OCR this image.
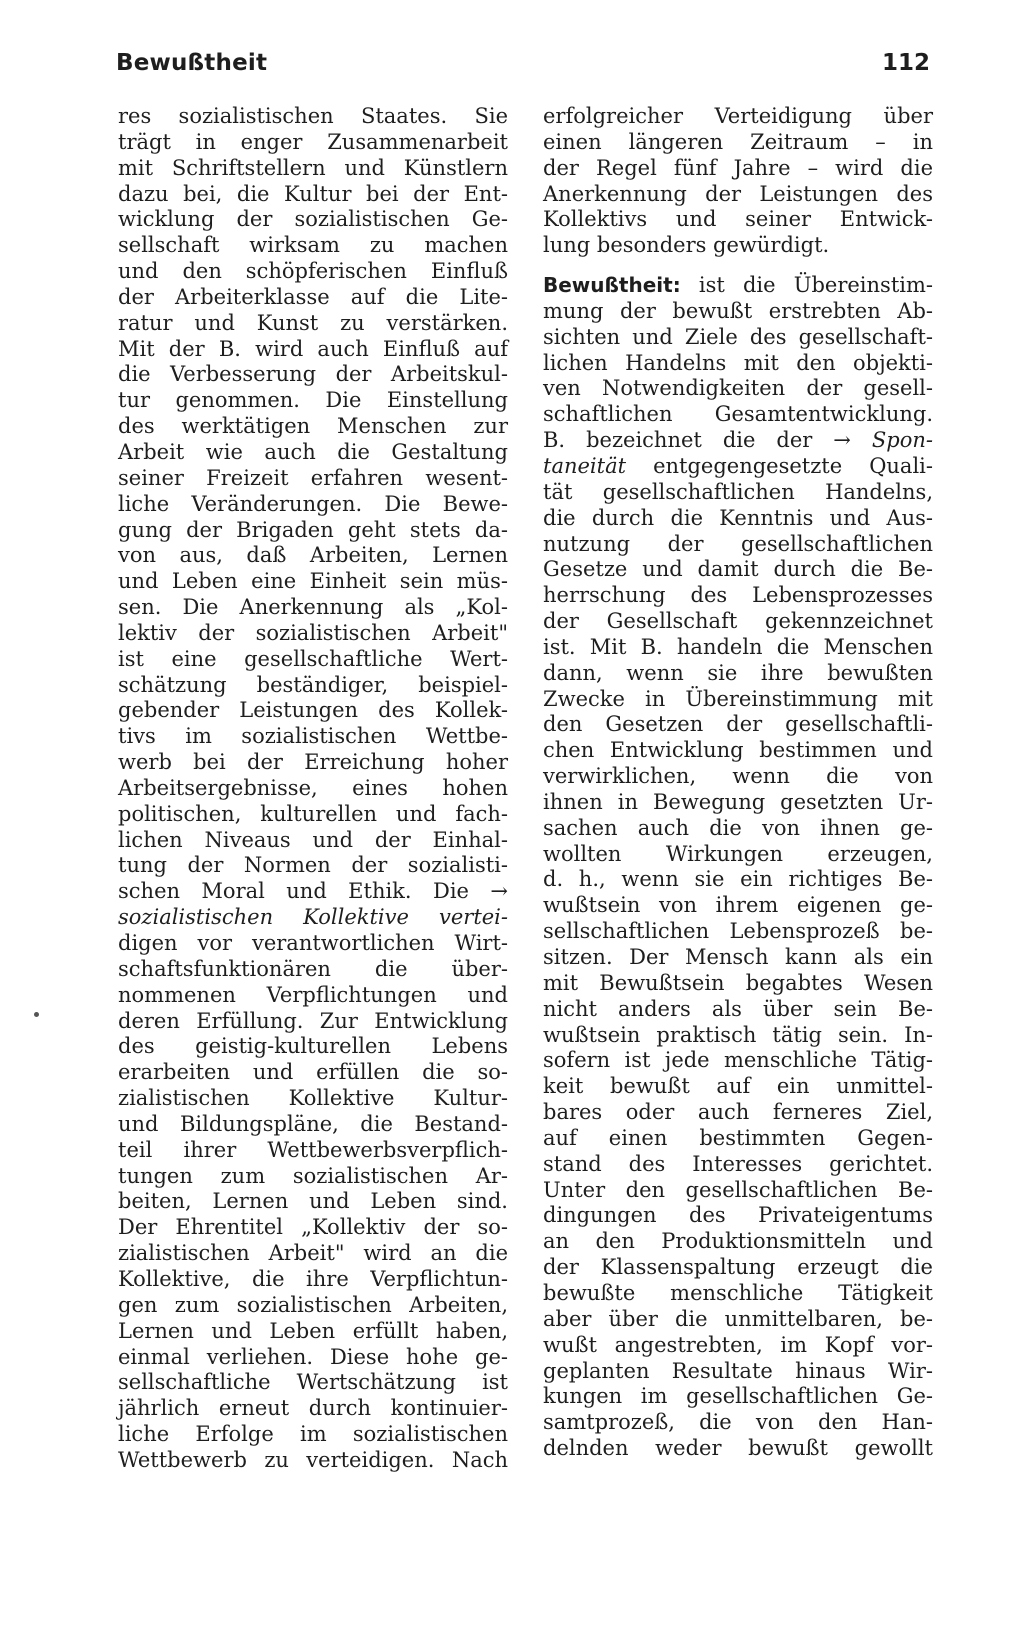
Bewußtheit	112
res sozialistischen Staates. Sie
trägt in enger Zusammenarbeit
mit Schriftstellern und Künstlern
dazu bei, die Kultur bei der Ent-
wicklung der sozialistischen Ge-
sellschaft wirksam zu machen
und den schöpferischen Einfluß
der Arbeiterklasse auf die Lite-
ratur und Kunst zu verstärken.
Mit der B. wird auch Einfluß auf
die Verbesserung der Arbeitskul-
tur genommen. Die Einstellung
des werktätigen Menschen zur
Arbeit wie auch die Gestaltung
seiner Freizeit erfahren wesent-
liche Veränderungen. Die Bewe-
gung der Brigaden geht stets da-
von aus, daß Arbeiten, Lernen
und Leben eine Einheit sein müs-
sen. Die Anerkennung als „Kol-
lektiv der sozialistischen Arbeit"
ist eine gesellschaftliche Wert-
schätzung beständiger, beispiel-
gebender Leistungen des Kollek-
tivs im sozialistischen Wettbe-
werb bei der Erreichung hoher
Arbeitsergebnisse, eines hohen
politischen, kulturellen und fach-
lichen Niveaus und der Einhal-
tung der Normen der sozialisti-
schen Moral und Ethik. Die →
sozialistischen Kollektive vertei-
digen vor verantwortlichen Wirt-
schaftsfunktionären die über-
nommenen Verpflichtungen und
deren Erfüllung. Zur Entwicklung
des geistig-kulturellen Lebens
erarbeiten und erfüllen die so-
zialistischen Kollektive Kultur-
und Bildungspläne, die Bestand-
teil ihrer Wettbewerbsverpflich-
tungen zum sozialistischen Ar-
beiten, Lernen und Leben sind.
Der Ehrentitel „Kollektiv der so-
zialistischen Arbeit" wird an die
Kollektive, die ihre Verpflichtun-
gen zum sozialistischen Arbeiten,
Lernen und Leben erfüllt haben,
einmal verliehen. Diese hohe ge-
sellschaftliche Wertschätzung ist
jährlich erneut durch kontinuier-
liche Erfolge im sozialistischen
Wettbewerb zu verteidigen. Nach
erfolgreicher Verteidigung über
einen längeren Zeitraum – in
der Regel fünf Jahre – wird die
Anerkennung der Leistungen des
Kollektivs und seiner Entwick-
lung besonders gewürdigt.
Bewußtheit: ist die Übereinstim-
mung der bewußt erstrebten Ab-
sichten und Ziele des gesellschaft-
lichen Handelns mit den objekti-
ven Notwendigkeiten der gesell-
schaftlichen Gesamtentwicklung.
B. bezeichnet die der → Spon-
taneität entgegengesetzte Quali-
tät gesellschaftlichen Handelns,
die durch die Kenntnis und Aus-
nutzung der gesellschaftlichen
Gesetze und damit durch die Be-
herrschung des Lebensprozesses
der Gesellschaft gekennzeichnet
ist. Mit B. handeln die Menschen
dann, wenn sie ihre bewußten
Zwecke in Übereinstimmung mit
den Gesetzen der gesellschaftli-
chen Entwicklung bestimmen und
verwirklichen, wenn die von
ihnen in Bewegung gesetzten Ur-
sachen auch die von ihnen ge-
wollten Wirkungen erzeugen,
d. h., wenn sie ein richtiges Be-
wußtsein von ihrem eigenen ge-
sellschaftlichen Lebensprozeß be-
sitzen. Der Mensch kann als ein
mit Bewußtsein begabtes Wesen
nicht anders als über sein Be-
wußtsein praktisch tätig sein. In-
sofern ist jede menschliche Tätig-
keit bewußt auf ein unmittel-
bares oder auch ferneres Ziel,
auf einen bestimmten Gegen-
stand des Interesses gerichtet.
Unter den gesellschaftlichen Be-
dingungen des Privateigentums
an den Produktionsmitteln und
der Klassenspaltung erzeugt die
bewußte menschliche Tätigkeit
aber über die unmittelbaren, be-
wußt angestrebten, im Kopf vor-
geplanten Resultate hinaus Wir-
kungen im gesellschaftlichen Ge-
samtprozeß, die von den Han-
delnden weder bewußt gewollt
